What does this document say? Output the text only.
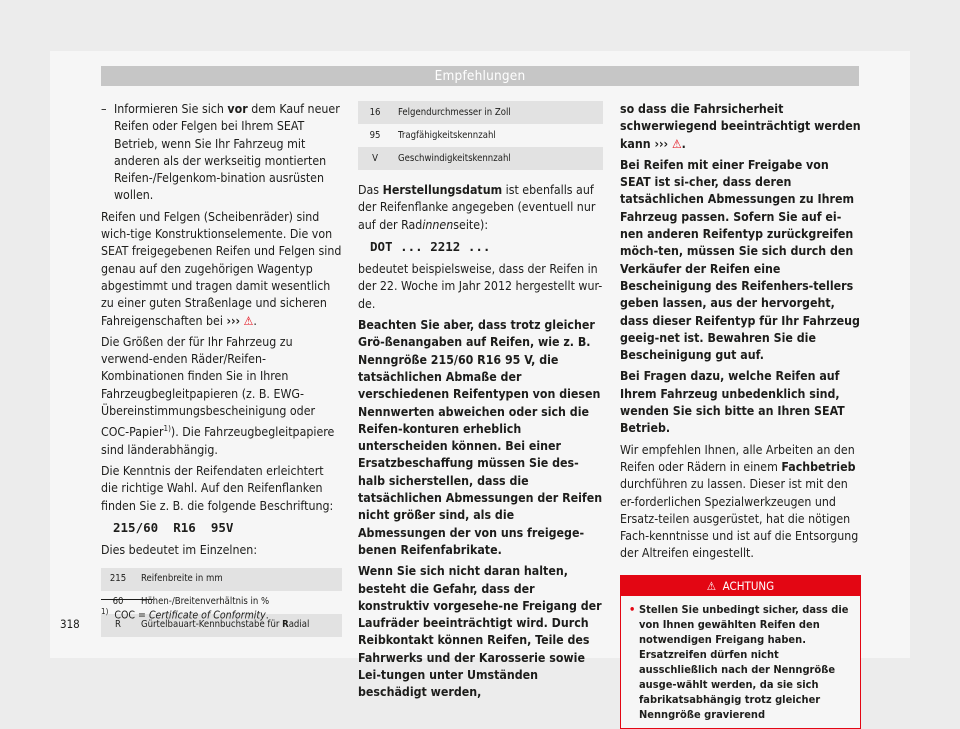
Empfehlungen

– Informieren Sie sich vor dem Kauf neuer Reifen oder Felgen bei Ihrem SEAT Betrieb, wenn Sie Ihr Fahrzeug mit anderen als der werkseitig montierten Reifen-/Felgenkom-bination ausrüsten wollen.

Reifen und Felgen (Scheibenräder) sind wich-tige Konstruktionselemente. Die von SEAT freigegebenen Reifen und Felgen sind genau auf den zugehörigen Wagentyp abgestimmt und tragen damit wesentlich zu einer guten Straßenlage und sicheren Fahreigenschaften bei ››› ⚠.

Die Größen der für Ihr Fahrzeug zu verwend-enden Räder/Reifen-Kombinationen finden Sie in Ihren Fahrzeugbegleitpapieren (z. B. EWG-Übereinstimmungsbescheinigung oder COC-Papier$^{1)}$). Die Fahrzeugbegleitpapiere sind länderabhängig.

Die Kenntnis der Reifendaten erleichtert die richtige Wahl. Auf den Reifenflanken finden Sie z. B. die folgende Beschriftung:

215/60  R16  95V

Dies bedeutet im Einzelnen:

215	Reifenbreite in mm
60	Höhen-/Breitenverhältnis in %
R	Gürtelbauart-Kennbuchstabe für Radial
16	Felgendurchmesser in Zoll
95	Tragfähigkeitskennzahl
V	Geschwindigkeitskennzahl

Das Herstellungsdatum ist ebenfalls auf der Reifenflanke angegeben (eventuell nur auf der Radinnenseite):

DOT ... 2212 ...

bedeutet beispielsweise, dass der Reifen in der 22. Woche im Jahr 2012 hergestellt wur-de.

Beachten Sie aber, dass trotz gleicher Grö-ßenangaben auf Reifen, wie z. B. Nenngröße 215/60 R16 95 V, die tatsächlichen Abmaße der verschiedenen Reifentypen von diesen Nennwerten abweichen oder sich die Reifen-konturen erheblich unterscheiden können. Bei einer Ersatzbeschaffung müssen Sie des-halb sicherstellen, dass die tatsächlichen Abmessungen der Reifen nicht größer sind, als die Abmessungen der von uns freigege-benen Reifenfabrikate.

Wenn Sie sich nicht daran halten, besteht die Gefahr, dass der konstruktiv vorgesehe-ne Freigang der Laufräder beeinträchtigt wird. Durch Reibkontakt können Reifen, Teile des Fahrwerks und der Karosserie sowie Lei-tungen unter Umständen beschädigt werden,

so dass die Fahrsicherheit schwerwiegend beeinträchtigt werden kann ››› ⚠.

Bei Reifen mit einer Freigabe von SEAT ist si-cher, dass deren tatsächlichen Abmessungen zu Ihrem Fahrzeug passen. Sofern Sie auf ei-nen anderen Reifentyp zurückgreifen möch-ten, müssen Sie sich durch den Verkäufer der Reifen eine Bescheinigung des Reifenhers-tellers geben lassen, aus der hervorgeht, dass dieser Reifentyp für Ihr Fahrzeug geeig-net ist. Bewahren Sie die Bescheinigung gut auf.

Bei Fragen dazu, welche Reifen auf Ihrem Fahrzeug unbedenklich sind, wenden Sie sich bitte an Ihren SEAT Betrieb.

Wir empfehlen Ihnen, alle Arbeiten an den Reifen oder Rädern in einem Fachbetrieb durchführen zu lassen. Dieser ist mit den er-forderlichen Spezialwerkzeugen und Ersatz-teilen ausgerüstet, hat die nötigen Fach-kenntnisse und ist auf die Entsorgung der Altreifen eingestellt.

⚠ ACHTUNG
• Stellen Sie unbedingt sicher, dass die von Ihnen gewählten Reifen den notwendigen Freigang haben. Ersatzreifen dürfen nicht ausschließlich nach der Nenngröße ausge-wählt werden, da sie sich fabrikatsabhängig trotz gleicher Nenngröße gravierend
$^{1)}$ COC = Certificate of Conformity.
318
